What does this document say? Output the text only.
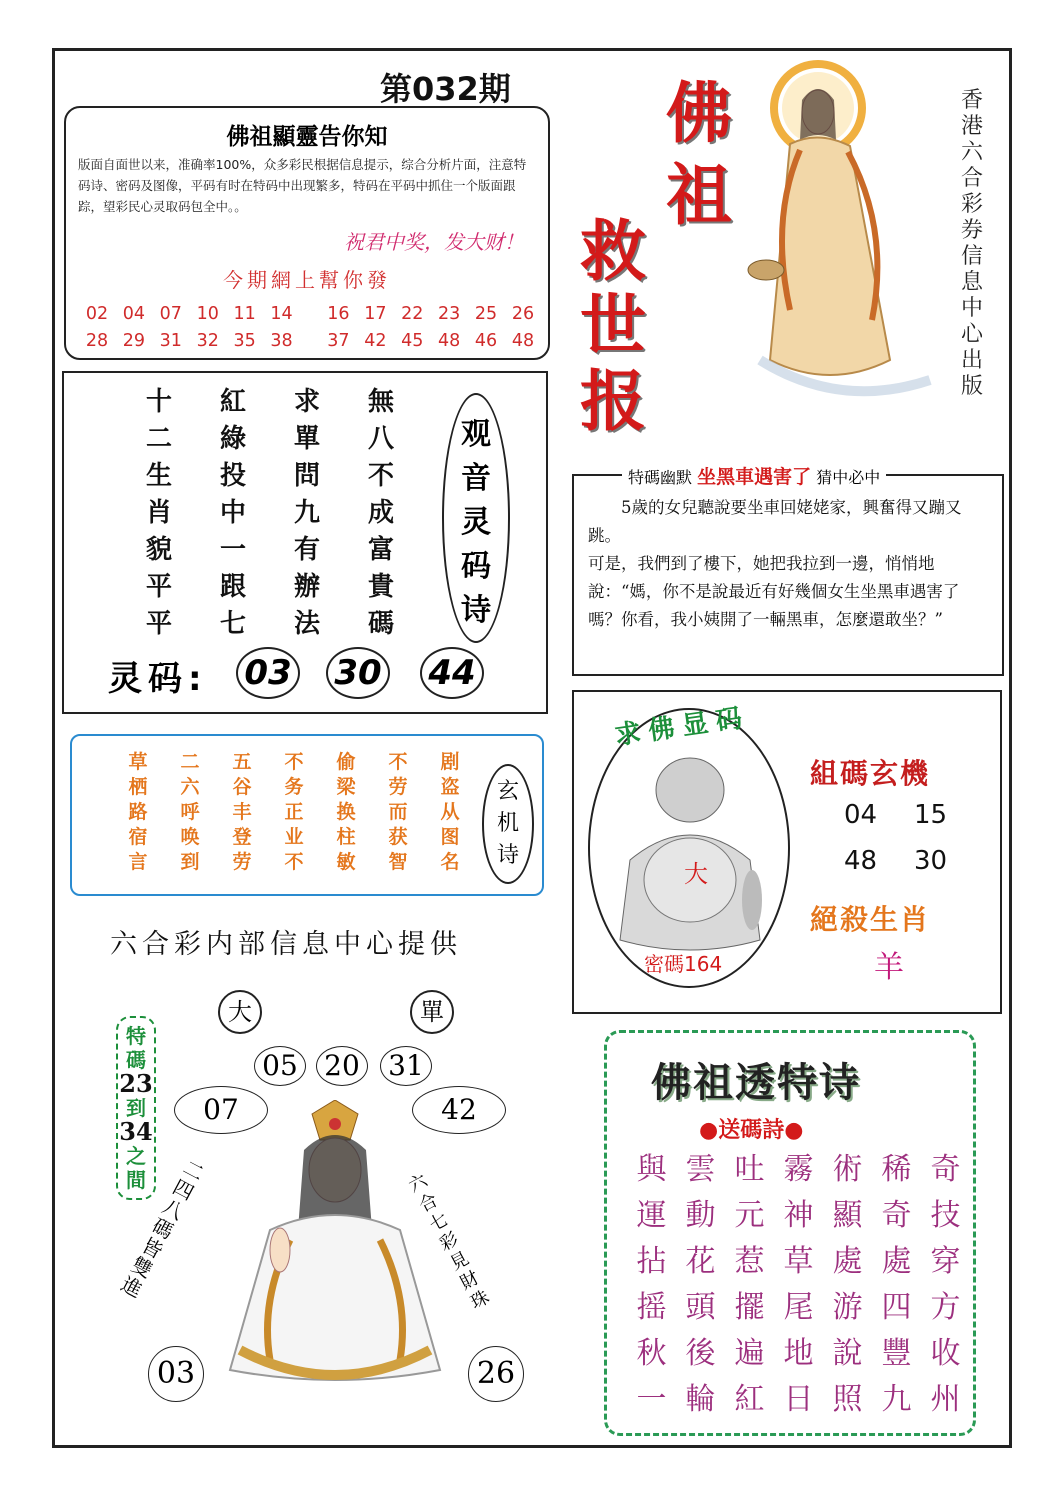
第032期
佛祖顯靈告你知
版面自面世以来，准确率100%，众多彩民根据信息提示，综合分析片面，注意特码诗、密码及图像，平码有时在特码中出现繁多，特码在平码中抓住一个版面跟踪，望彩民心灵取码包全中。。
祝君中奖，发大财！
今期網上幫你發
02 04 07 10 11 14	16 17 22 23 25 26
28 29 31 32 35 38	37 42 45 48 46 48
佛
祖
救
世
报
香港六合彩券信息中心出版
十	紅	求	無
二	綠	單	八
生	投	問	不
肖	中	九	成
貌	一	有	富
平	跟	辦	貴
平	七	法	碼
观
音
灵
码
诗
灵码: 03 30 44
草	二	五	不	偷	不	剧
栖	六	谷	务	梁	劳	盗
路	呼	丰	正	换	而	从
宿	唤	登	业	柱	获	图
言	到	劳	不	敏	智	名
玄
机
诗
六合彩内部信息中心提供
大	單
05 20 31
07	42
03	26
特
碼
23
到
34
之
間	二四八碼皆雙進
六合七彩見財珠
特碼幽默 坐黑車遇害了 猜中必中
5歲的女兒聽說要坐車回姥姥家，興奮得又蹦又跳。
可是，我們到了樓下，她把我拉到一邊，悄悄地說：“媽，你不是說最近有好幾個女生坐黑車遇害了嗎？你看，我小姨開了一輛黑車，怎麼還敢坐？”
求佛显码
大
密碼164
組碼玄機
04 15
48 30
絕殺生肖
羊
佛祖透特诗
●送碼詩●
與 雲 吐 霧 術 稀 奇
運 動 元 神 顯 奇 技
拈 花 惹 草 處 處 穿
摇 頭 擺 尾 游 四 方
秋 後 遍 地 說 豐 收
一 輪 紅 日 照 九 州
